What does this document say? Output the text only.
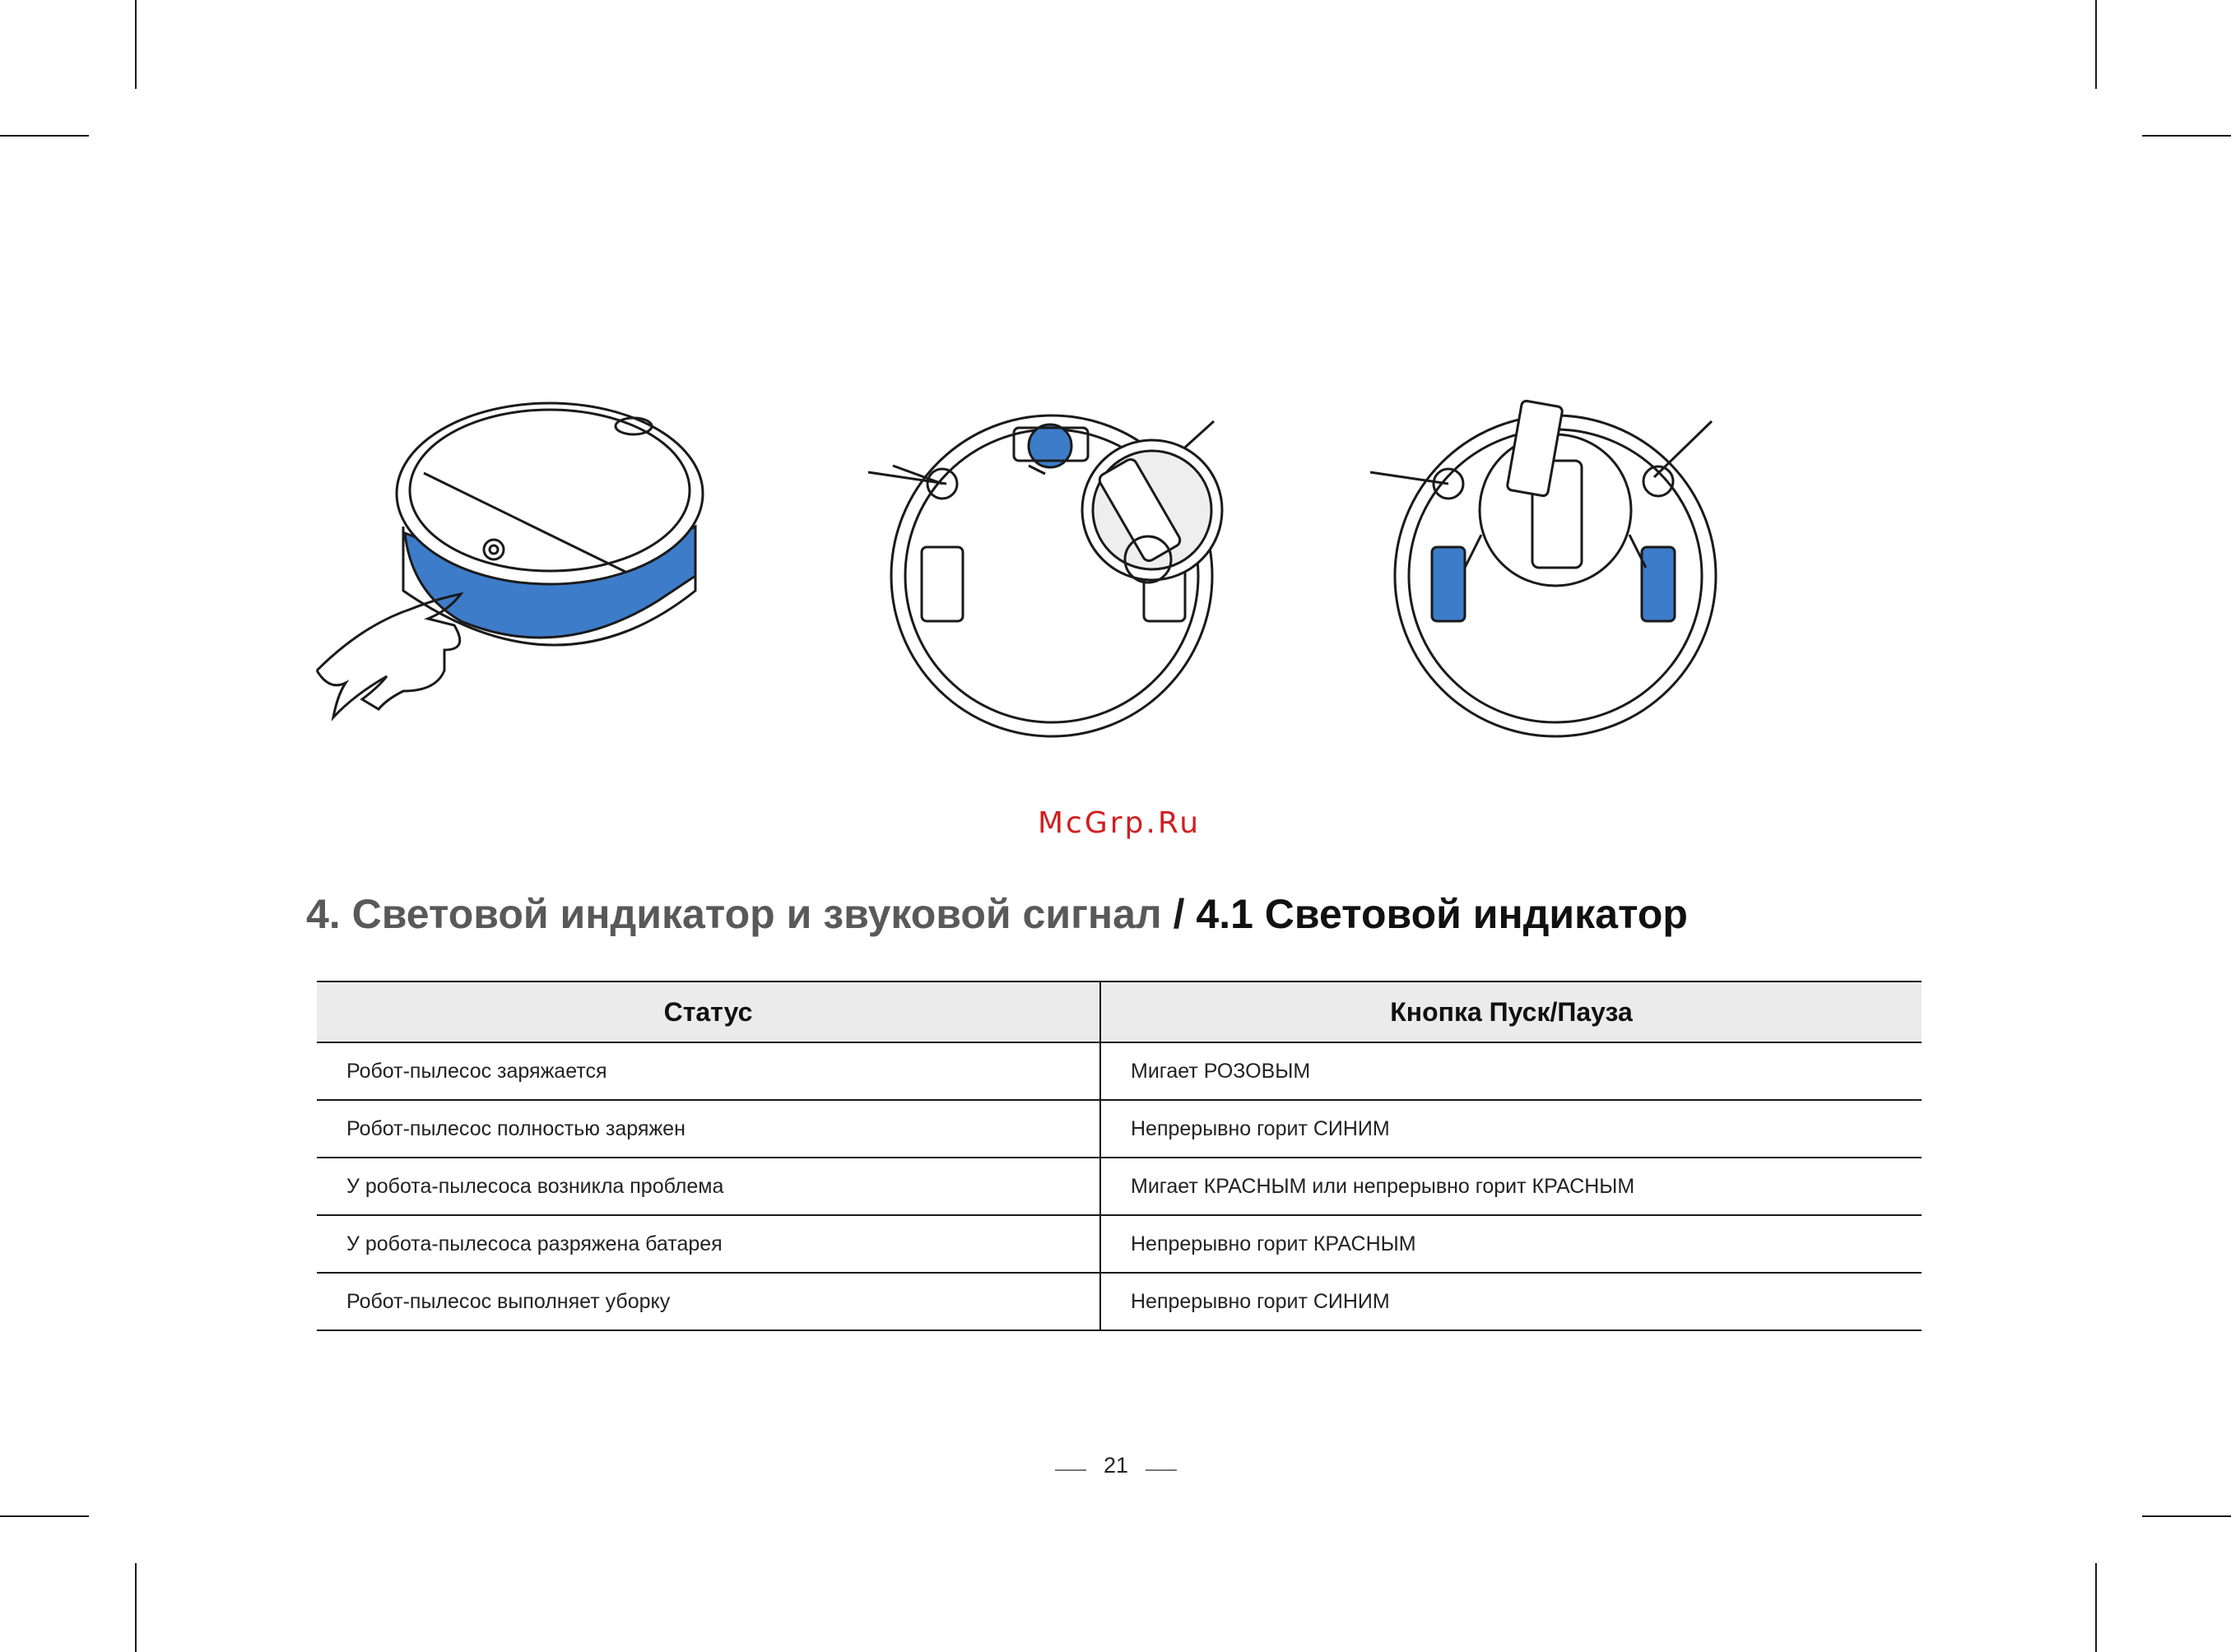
McGrp.Ru
4. Световой индикатор и звуковой сигнал / 4.1 Световой индикатор
Статус	Кнопка Пуск/Пауза
Робот-пылесос заряжается	Мигает РОЗОВЫМ
Робот-пылесос полностью заряжен	Непрерывно горит СИНИМ
У робота-пылесоса возникла проблема	Мигает КРАСНЫМ или непрерывно горит КРАСНЫМ
У робота-пылесоса разряжена батарея	Непрерывно горит КРАСНЫМ
Робот-пылесос выполняет уборку	Непрерывно горит СИНИМ
21
